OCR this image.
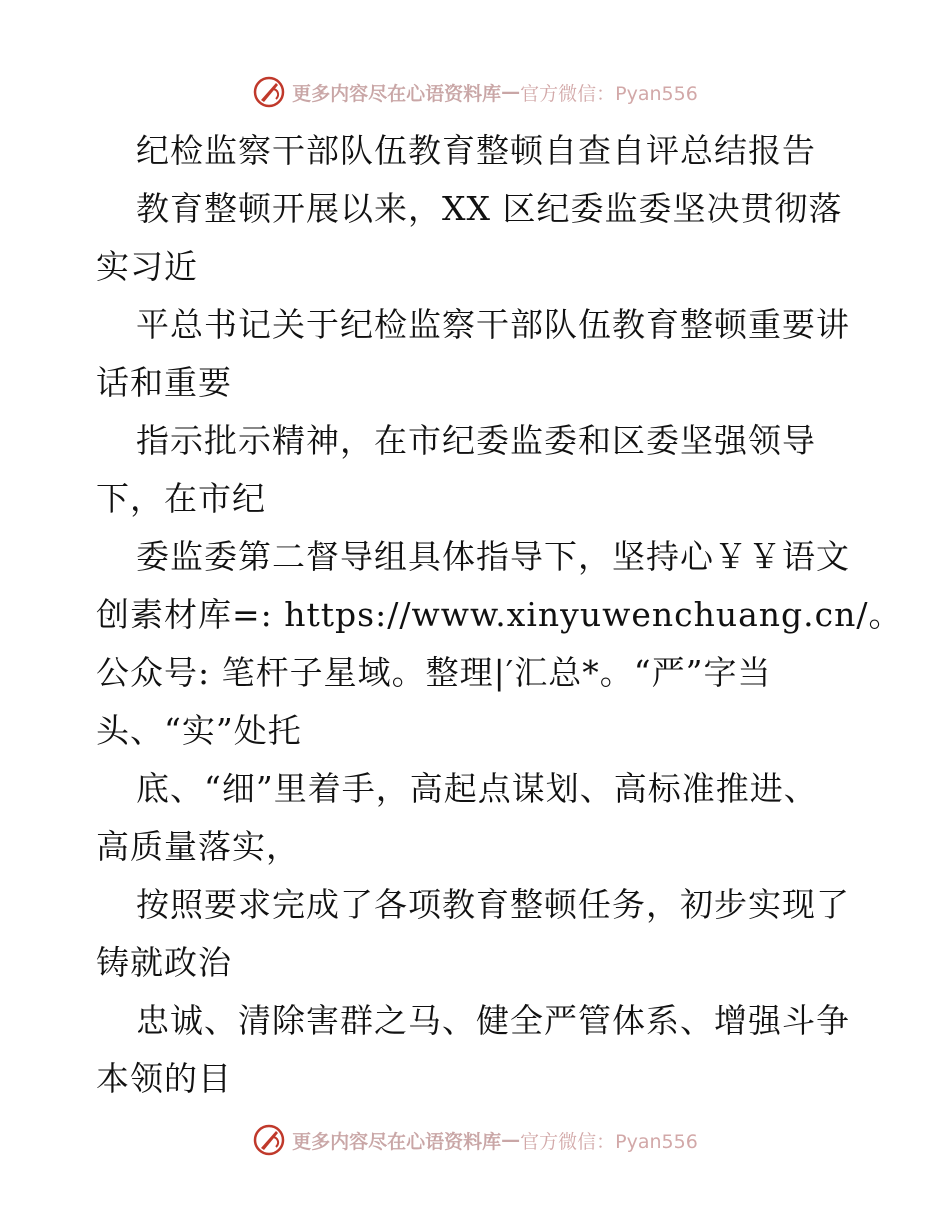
更多内容尽在心语资料库 — 官方微信：Pyan556
纪检监察干部队伍教育整顿自查自评总结报告
教育整顿开展以来，XX 区纪委监委坚决贯彻落
实习近
平总书记关于纪检监察干部队伍教育整顿重要讲
话和重要
指示批示精神，在市纪委监委和区委坚强领导
下，在市纪
委监委第二督导组具体指导下，坚持心￥￥语文
创素材库=: https://www.xinyuwenchuang.cn/。
公众号: 笔杆子星域。整理|′汇总*。“严”字当
头、“实”处托
底、“细”里着手，高起点谋划、高标准推进、
高质量落实，
按照要求完成了各项教育整顿任务，初步实现了
铸就政治
忠诚、清除害群之马、健全严管体系、增强斗争
本领的目
更多内容尽在心语资料库 — 官方微信：Pyan556
